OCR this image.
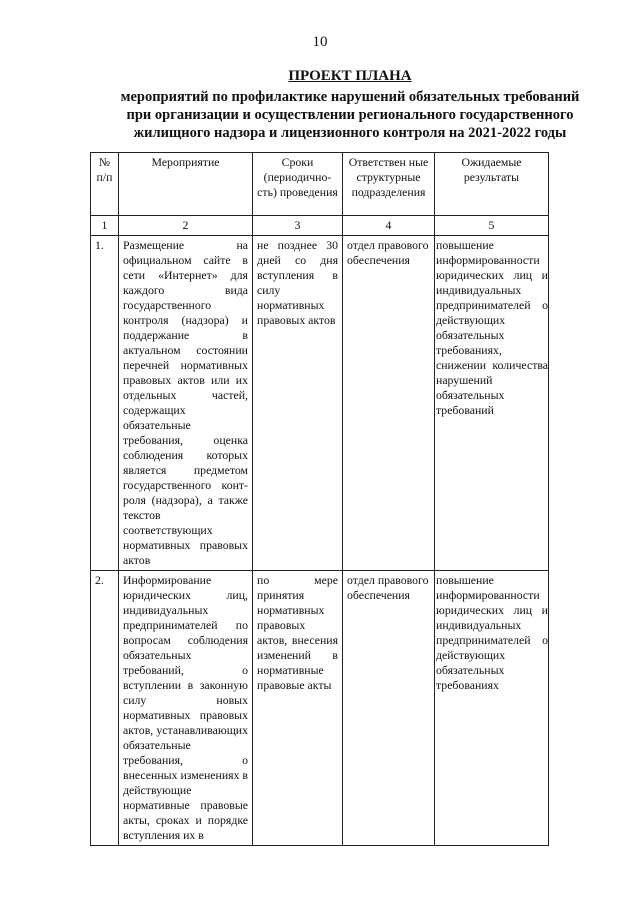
10
ПРОЕКТ ПЛАНА
мероприятий по профилактике нарушений обязательных требований
при организации и осуществлении регионального государственного
жилищного надзора и лицензионного контроля на 2021-2022 годы
№ п/п	Мероприятие	Сроки (периодично-сть) проведения	Ответствен ные структурные подразделения	Ожидаемые результаты
1	2	3	4	5
1.	Размещение на официальном сайте в сети «Интернет» для каждого вида государственного контроля (надзора) и поддержание в актуальном состоянии перечней нормативных правовых актов или их отдельных частей, содержащих обязательные требования, оценка соблюдения которых является предметом государственного конт-роля (надзора), а также текстов соответствующих нормативных правовых актов	не позднее 30 дней со дня вступления в силу нормативных правовых актов	отдел правового обеспечения	повышение информированности юридических лиц и индивидуальных предпринимателей о действующих обязательных требованиях, снижении количества нарушений обязательных требований
2.	Информирование юридических лиц, индивидуальных предпринимателей по вопросам соблюдения обязательных требований, о вступлении в законную силу новых нормативных правовых актов, устанавливающих обязательные требования, о внесенных изменениях в действующие нормативные правовые акты, сроках и порядке вступления их в	по мере принятия нормативных правовых актов, внесения изменений в нормативные правовые акты	отдел правового обеспечения	повышение информированности юридических лиц и индивидуальных предпринимателей о действующих обязательных требованиях
